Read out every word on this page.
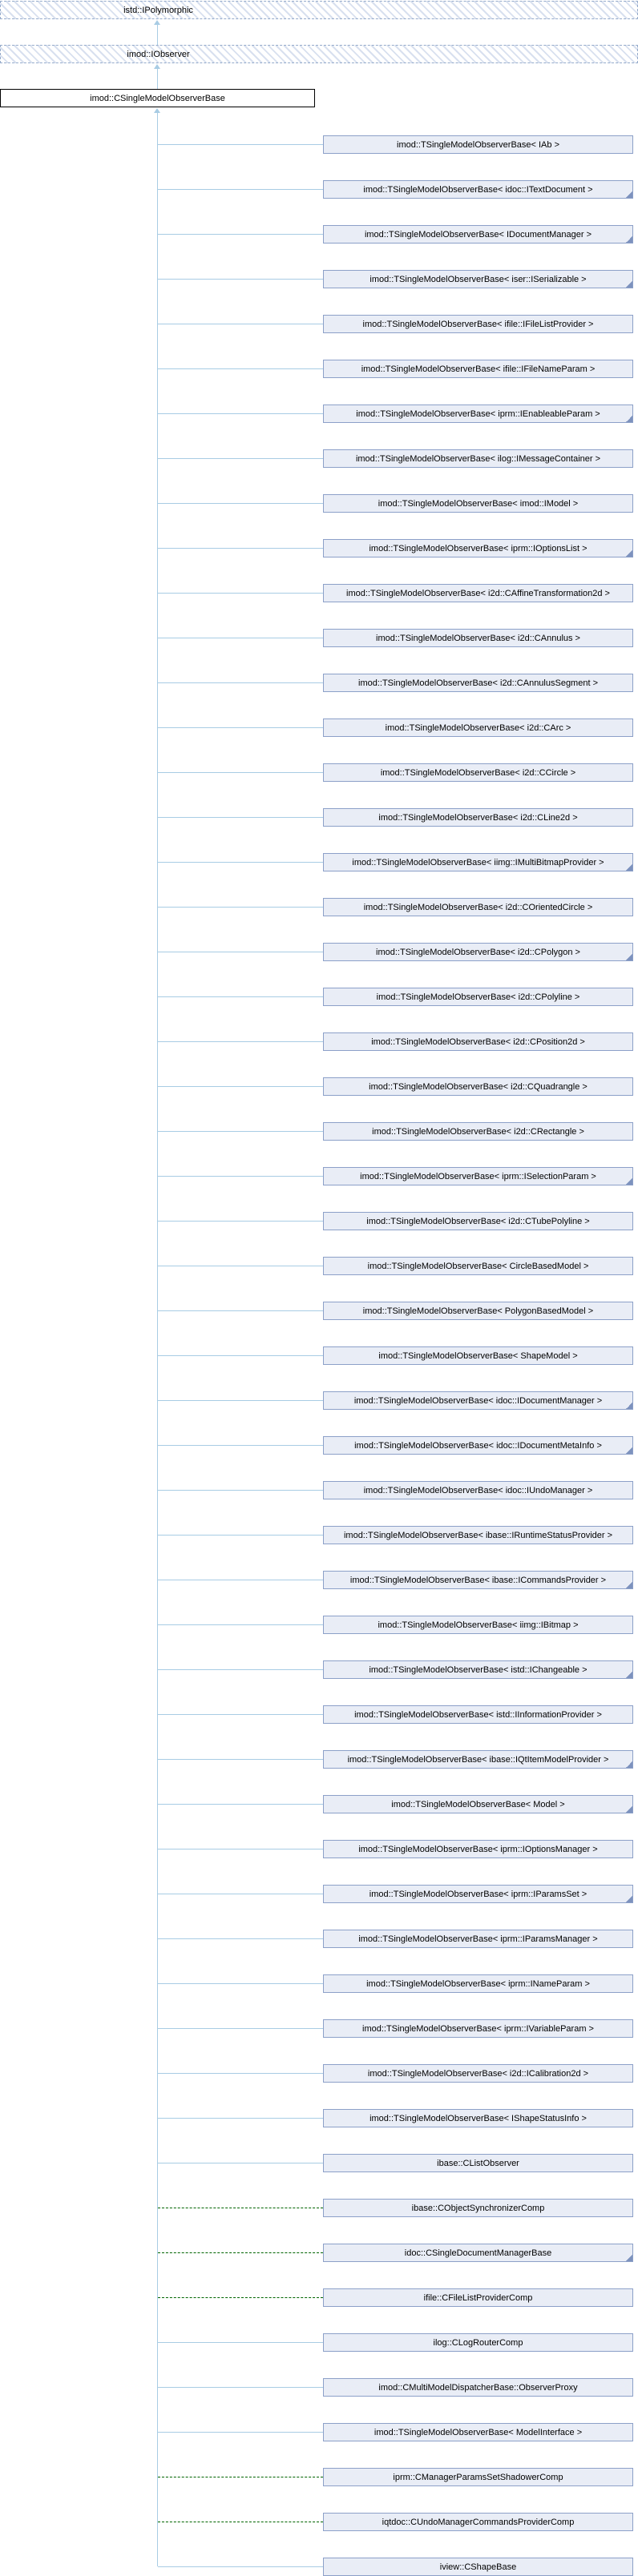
istd::IPolymorphic
imod::IObserver
imod::CSingleModelObserverBase
imod::TSingleModelObserverBase< IAb >
imod::TSingleModelObserverBase< idoc::ITextDocument >
imod::TSingleModelObserverBase< IDocumentManager >
imod::TSingleModelObserverBase< iser::ISerializable >
imod::TSingleModelObserverBase< ifile::IFileListProvider >
imod::TSingleModelObserverBase< ifile::IFileNameParam >
imod::TSingleModelObserverBase< iprm::IEnableableParam >
imod::TSingleModelObserverBase< ilog::IMessageContainer >
imod::TSingleModelObserverBase< imod::IModel >
imod::TSingleModelObserverBase< iprm::IOptionsList >
imod::TSingleModelObserverBase< i2d::CAffineTransformation2d >
imod::TSingleModelObserverBase< i2d::CAnnulus >
imod::TSingleModelObserverBase< i2d::CAnnulusSegment >
imod::TSingleModelObserverBase< i2d::CArc >
imod::TSingleModelObserverBase< i2d::CCircle >
imod::TSingleModelObserverBase< i2d::CLine2d >
imod::TSingleModelObserverBase< iimg::IMultiBitmapProvider >
imod::TSingleModelObserverBase< i2d::COrientedCircle >
imod::TSingleModelObserverBase< i2d::CPolygon >
imod::TSingleModelObserverBase< i2d::CPolyline >
imod::TSingleModelObserverBase< i2d::CPosition2d >
imod::TSingleModelObserverBase< i2d::CQuadrangle >
imod::TSingleModelObserverBase< i2d::CRectangle >
imod::TSingleModelObserverBase< iprm::ISelectionParam >
imod::TSingleModelObserverBase< i2d::CTubePolyline >
imod::TSingleModelObserverBase< CircleBasedModel >
imod::TSingleModelObserverBase< PolygonBasedModel >
imod::TSingleModelObserverBase< ShapeModel >
imod::TSingleModelObserverBase< idoc::IDocumentManager >
imod::TSingleModelObserverBase< idoc::IDocumentMetaInfo >
imod::TSingleModelObserverBase< idoc::IUndoManager >
imod::TSingleModelObserverBase< ibase::IRuntimeStatusProvider >
imod::TSingleModelObserverBase< ibase::ICommandsProvider >
imod::TSingleModelObserverBase< iimg::IBitmap >
imod::TSingleModelObserverBase< istd::IChangeable >
imod::TSingleModelObserverBase< istd::IInformationProvider >
imod::TSingleModelObserverBase< ibase::IQtItemModelProvider >
imod::TSingleModelObserverBase< Model >
imod::TSingleModelObserverBase< iprm::IOptionsManager >
imod::TSingleModelObserverBase< iprm::IParamsSet >
imod::TSingleModelObserverBase< iprm::IParamsManager >
imod::TSingleModelObserverBase< iprm::INameParam >
imod::TSingleModelObserverBase< iprm::IVariableParam >
imod::TSingleModelObserverBase< i2d::ICalibration2d >
imod::TSingleModelObserverBase< IShapeStatusInfo >
ibase::CListObserver
ibase::CObjectSynchronizerComp
idoc::CSingleDocumentManagerBase
ifile::CFileListProviderComp
ilog::CLogRouterComp
imod::CMultiModelDispatcherBase::ObserverProxy
imod::TSingleModelObserverBase< ModelInterface >
iprm::CManagerParamsSetShadowerComp
iqtdoc::CUndoManagerCommandsProviderComp
iview::CShapeBase
